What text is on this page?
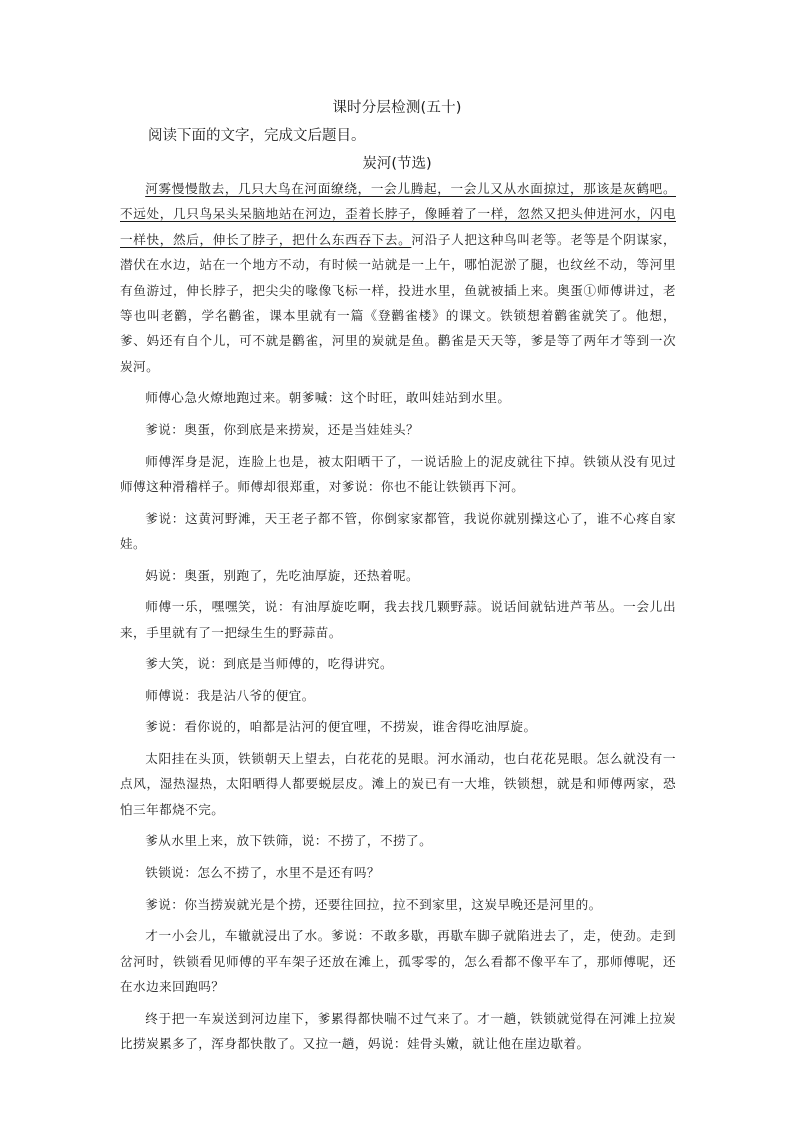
课时分层检测(五十)
阅读下面的文字，完成文后题目。
炭河(节选)

河雾慢慢散去，几只大鸟在河面缭绕，一会儿腾起，一会儿又从水面掠过，那该是灰鹤吧。不远处，几只鸟呆头呆脑地站在河边，歪着长脖子，像睡着了一样，忽然又把头伸进河水，闪电一样快，然后，伸长了脖子，把什么东西吞下去。河沿子人把这种鸟叫老等。老等是个阴谋家，潜伏在水边，站在一个地方不动，有时候一站就是一上午，哪怕泥淤了腿，也纹丝不动，等河里有鱼游过，伸长脖子，把尖尖的喙像飞标一样，投进水里，鱼就被插上来。奥蛋①师傅讲过，老等也叫老鹳，学名鹳雀，课本里就有一篇《登鹳雀楼》的课文。铁锁想着鹳雀就笑了。他想，爹、妈还有自个儿，可不就是鹳雀，河里的炭就是鱼。鹳雀是天天等，爹是等了两年才等到一次炭河。

师傅心急火燎地跑过来。朝爹喊：这个时旺，敢叫娃站到水里。

爹说：奥蛋，你到底是来捞炭，还是当娃娃头？

师傅浑身是泥，连脸上也是，被太阳晒干了，一说话脸上的泥皮就往下掉。铁锁从没有见过师傅这种滑稽样子。师傅却很郑重，对爹说：你也不能让铁锁再下河。

爹说：这黄河野滩，天王老子都不管，你倒家家都管，我说你就别操这心了，谁不心疼自家娃。

妈说：奥蛋，别跑了，先吃油厚旋，还热着呢。

师傅一乐，嘿嘿笑，说：有油厚旋吃啊，我去找几颗野蒜。说话间就钻进芦苇丛。一会儿出来，手里就有了一把绿生生的野蒜苗。

爹大笑，说：到底是当师傅的，吃得讲究。

师傅说：我是沾八爷的便宜。

爹说：看你说的，咱都是沾河的便宜哩，不捞炭，谁舍得吃油厚旋。

太阳挂在头顶，铁锁朝天上望去，白花花的晃眼。河水涌动，也白花花晃眼。怎么就没有一点风，湿热湿热，太阳晒得人都要蜕层皮。滩上的炭已有一大堆，铁锁想，就是和师傅两家，恐怕三年都烧不完。

爹从水里上来，放下铁筛，说：不捞了，不捞了。

铁锁说：怎么不捞了，水里不是还有吗？

爹说：你当捞炭就光是个捞，还要往回拉，拉不到家里，这炭早晚还是河里的。

才一小会儿，车辙就浸出了水。爹说：不敢多歇，再歇车脚子就陷进去了，走，使劲。走到岔河时，铁锁看见师傅的平车架子还放在滩上，孤零零的，怎么看都不像平车了，那师傅呢，还在水边来回跑吗？

终于把一车炭送到河边崖下，爹累得都快喘不过气来了。才一趟，铁锁就觉得在河滩上拉炭比捞炭累多了，浑身都快散了。又拉一趟，妈说：娃骨头嫩，就让他在崖边歇着。
